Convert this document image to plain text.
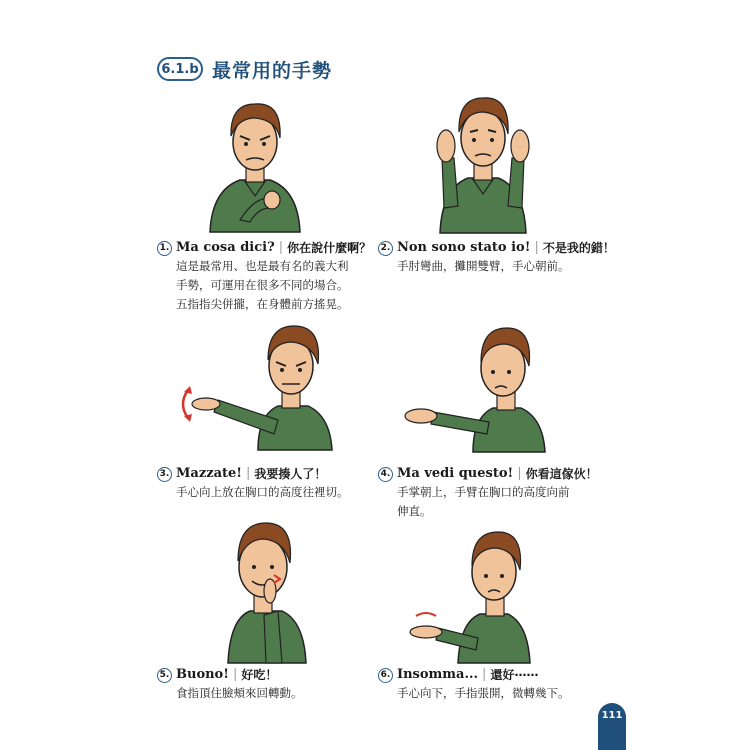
6.1.b 最常用的手勢
1. Ma cosa dici? | 你在說什麼啊？
這是最常用、也是最有名的義大利
手勢，可運用在很多不同的場合。
五指指尖併攏，在身體前方搖晃。
2. Non sono stato io! | 不是我的錯！
手肘彎曲，攤開雙臂，手心朝前。
3. Mazzate! | 我要揍人了！
手心向上放在胸口的高度往裡切。
4. Ma vedi questo! | 你看這傢伙！
手掌朝上，手臂在胸口的高度向前
伸直。
5. Buono! | 好吃！
食指頂住臉頰來回轉動。
6. Insomma... | 還好⋯⋯
手心向下，手指張開，微轉幾下。
111
